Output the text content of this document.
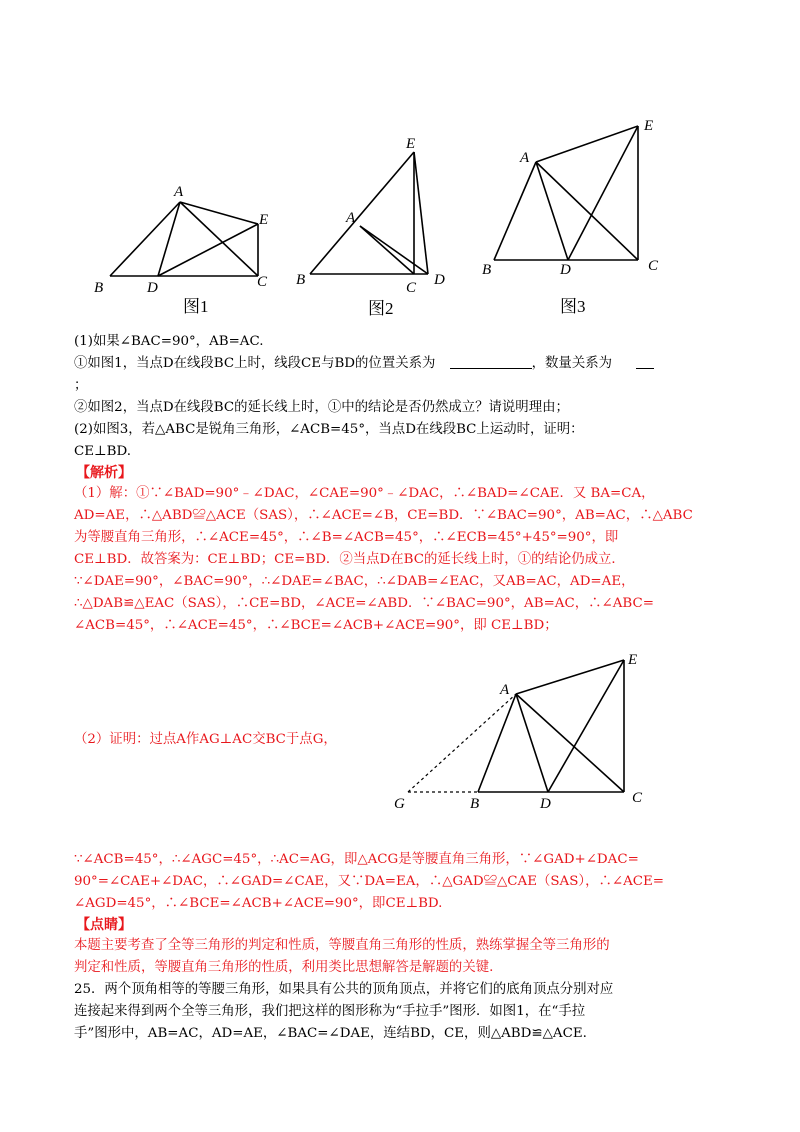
A
B	D	C
E
图1
E
A
B	C D
图2
A
E
B	D	C
图3
(1)如果∠BAC=90°，AB=AC.
①如图1，当点D在线段BC上时，线段CE与BD的位置关系为	，数量关系为
；
②如图2，当点D在线段BC的延长线上时，①中的结论是否仍然成立？请说明理由；
(2)如图3，若△ABC是锐角三角形，∠ACB=45°，当点D在线段BC上运动时，证明：
CE⊥BD.
【解析】
（1）解：①∵∠BAD=90°﹣∠DAC，∠CAE=90°﹣∠DAC，∴∠BAD=∠CAE．又 BA=CA，
AD=AE，∴△ABD≌△ACE（SAS），∴∠ACE=∠B，CE=BD．∵∠BAC=90°，AB=AC，∴△ABC
为等腰直角三角形，∴∠ACE=45°，∴∠B=∠ACB=45°，∴∠ECB=45°+45°=90°，即
CE⊥BD．故答案为：CE⊥BD；CE=BD．②当点D在BC的延长线上时，①的结论仍成立．
∵∠DAE=90°，∠BAC=90°，∴∠DAE=∠BAC，∴∠DAB=∠EAC，又AB=AC，AD=AE，
∴△DAB≌△EAC（SAS），∴CE=BD，∠ACE=∠ABD．∵∠BAC=90°，AB=AC，∴∠ABC=
∠ACB=45°，∴∠ACE=45°，∴∠BCE=∠ACB+∠ACE=90°，即 CE⊥BD；
（2）证明：过点A作AG⊥AC交BC于点G，
A
E
G	B	D	C
∵∠ACB=45°，∴∠AGC=45°，∴AC=AG，即△ACG是等腰直角三角形，∵∠GAD+∠DAC=
90°=∠CAE+∠DAC，∴∠GAD=∠CAE，又∵DA=EA，∴△GAD≌△CAE（SAS），∴∠ACE=
∠AGD=45°，∴∠BCE=∠ACB+∠ACE=90°，即CE⊥BD.
【点睛】
本题主要考查了全等三角形的判定和性质，等腰直角三角形的性质，熟练掌握全等三角形的
判定和性质，等腰直角三角形的性质，利用类比思想解答是解题的关键.
25．两个顶角相等的等腰三角形，如果具有公共的顶角顶点，并将它们的底角顶点分别对应
连接起来得到两个全等三角形，我们把这样的图形称为“手拉手”图形．如图1，在“手拉
手”图形中，AB=AC，AD=AE，∠BAC=∠DAE，连结BD，CE，则△ABD≌△ACE.
